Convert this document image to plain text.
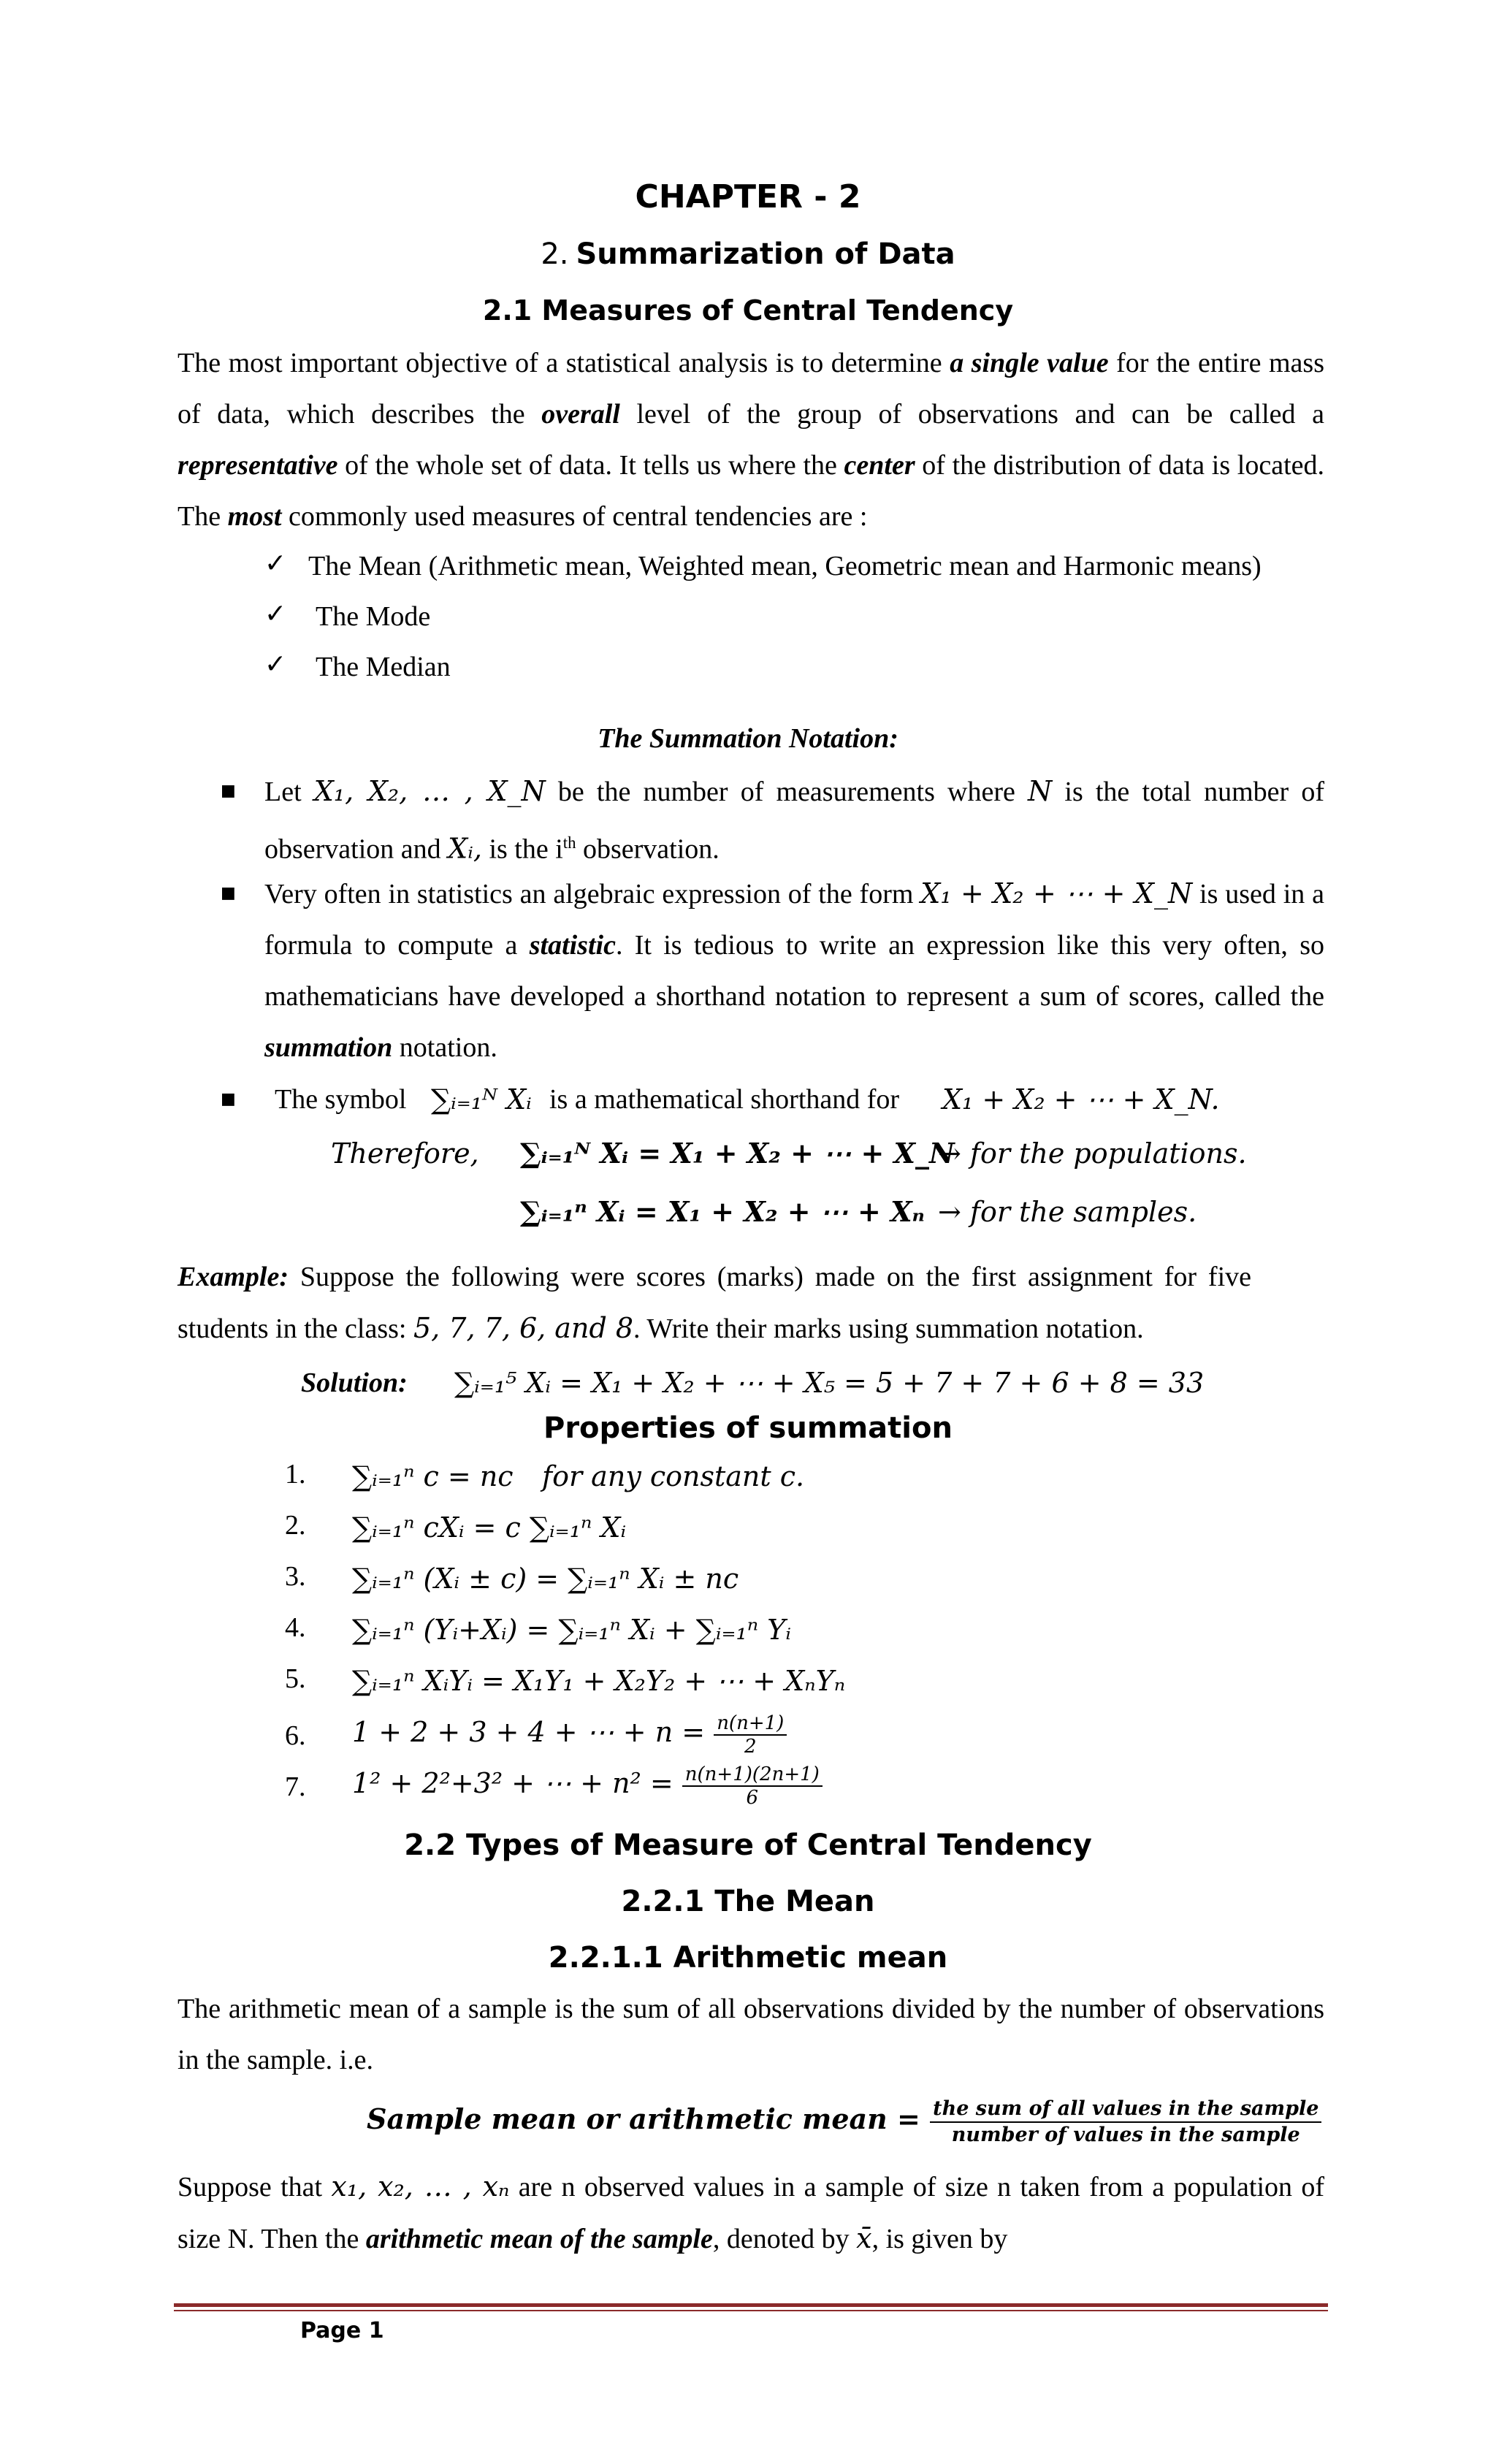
CHAPTER - 2
2. Summarization of Data
2.1 Measures of Central Tendency
The most important objective of a statistical analysis is to determine a single value for the entire mass of data, which describes the overall level of the group of observations and can be called a representative of the whole set of data. It tells us where the center of the distribution of data is located. The most commonly used measures of central tendencies are :
✓ The Mean (Arithmetic mean, Weighted mean, Geometric mean and Harmonic means)
✓ The Mode
✓ The Median
The Summation Notation:
■ Let X₁, X₂, … , X_N be the number of measurements where N is the total number of observation and Xᵢ, is the $i^{th}$ observation.
■ Very often in statistics an algebraic expression of the form X₁ + X₂ + ⋯ + X_N is used in a formula to compute a statistic. It is tedious to write an expression like this very often, so mathematicians have developed a shorthand notation to represent a sum of scores, called the summation notation.
■ The symbol ∑ᵢ₌₁ᴺ Xᵢ is a mathematical shorthand for X₁ + X₂ + ⋯ + X_N.
Therefore, ∑ᵢ₌₁ᴺ Xᵢ = X₁ + X₂ + ⋯ + X_N
→ for the populations.
∑ᵢ₌₁ⁿ Xᵢ = X₁ + X₂ + ⋯ + Xₙ → for the samples.
Example: Suppose the following were scores (marks) made on the first assignment for five students in the class: 5, 7, 7, 6, and 8. Write their marks using summation notation.
Solution: ∑ᵢ₌₁⁵ Xᵢ = X₁ + X₂ + ⋯ + X₅ = 5 + 7 + 7 + 6 + 8 = 33
Properties of summation
1. ∑ᵢ₌₁ⁿ c = nc for any constant c.
2. ∑ᵢ₌₁ⁿ cXᵢ = c ∑ᵢ₌₁ⁿ Xᵢ
3. ∑ᵢ₌₁ⁿ (Xᵢ ± c) = ∑ᵢ₌₁ⁿ Xᵢ ± nc
4. ∑ᵢ₌₁ⁿ (Yᵢ+Xᵢ) = ∑ᵢ₌₁ⁿ Xᵢ + ∑ᵢ₌₁ⁿ Yᵢ
5. ∑ᵢ₌₁ⁿ XᵢYᵢ = X₁Y₁ + X₂Y₂ + ⋯ + XₙYₙ
6. 1 + 2 + 3 + 4 + ⋯ + $n = \frac{n(n+1)}{2}$
7. 1² + 2²+3² + ⋯ + $n^2 = \frac{n(n+1)(2n+1)}{6}$
2.2 Types of Measure of Central Tendency
2.2.1 The Mean
2.2.1.1 Arithmetic mean
The arithmetic mean of a sample is the sum of all observations divided by the number of observations in the sample. i.e.
Sample mean or arithmetic mean = $\frac{\text{the sum of all values in the sample}}{\text{number of values in the sample}}$
Suppose that x₁, x₂, … , xₙ are n observed values in a sample of size n taken from a population of size N. Then the arithmetic mean of the sample, denoted by x̄, is given by
Page 1
